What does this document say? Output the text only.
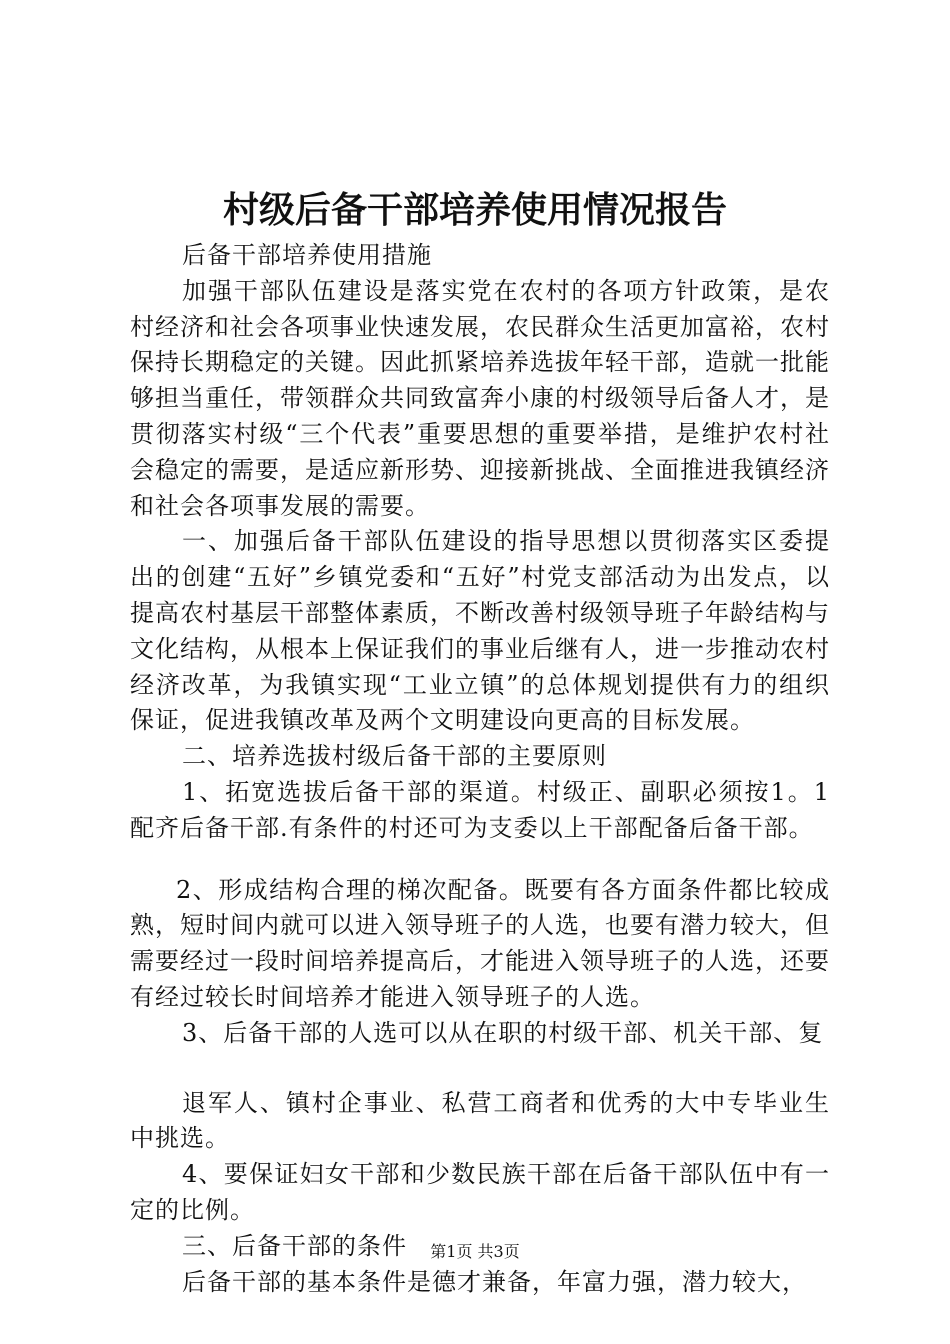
村级后备干部培养使用情况报告

后备干部培养使用措施

加强干部队伍建设是落实党在农村的各项方针政策，是农村经济和社会各项事业快速发展，农民群众生活更加富裕，农村保持长期稳定的关键。因此抓紧培养选拔年轻干部，造就一批能够担当重任，带领群众共同致富奔小康的村级领导后备人才，是贯彻落实村级“三个代表”重要思想的重要举措，是维护农村社会稳定的需要，是适应新形势、迎接新挑战、全面推进我镇经济和社会各项事发展的需要。

一、加强后备干部队伍建设的指导思想以贯彻落实区委提出的创建“五好”乡镇党委和“五好”村党支部活动为出发点，以提高农村基层干部整体素质，不断改善村级领导班子年龄结构与文化结构，从根本上保证我们的事业后继有人，进一步推动农村经济改革，为我镇实现“工业立镇”的总体规划提供有力的组织保证，促进我镇改革及两个文明建设向更高的目标发展。

二、培养选拔村级后备干部的主要原则

1、拓宽选拔后备干部的渠道。村级正、副职必须按1。1配齐后备干部.有条件的村还可为支委以上干部配备后备干部。

2、形成结构合理的梯次配备。既要有各方面条件都比较成熟，短时间内就可以进入领导班子的人选，也要有潜力较大，但需要经过一段时间培养提高后，才能进入领导班子的人选，还要有经过较长时间培养才能进入领导班子的人选。

3、后备干部的人选可以从在职的村级干部、机关干部、复

退军人、镇村企事业、私营工商者和优秀的大中专毕业生中挑选。

4、要保证妇女干部和少数民族干部在后备干部队伍中有一定的比例。

三、后备干部的条件

后备干部的基本条件是德才兼备，年富力强，潜力较大，

第1页 共3页
